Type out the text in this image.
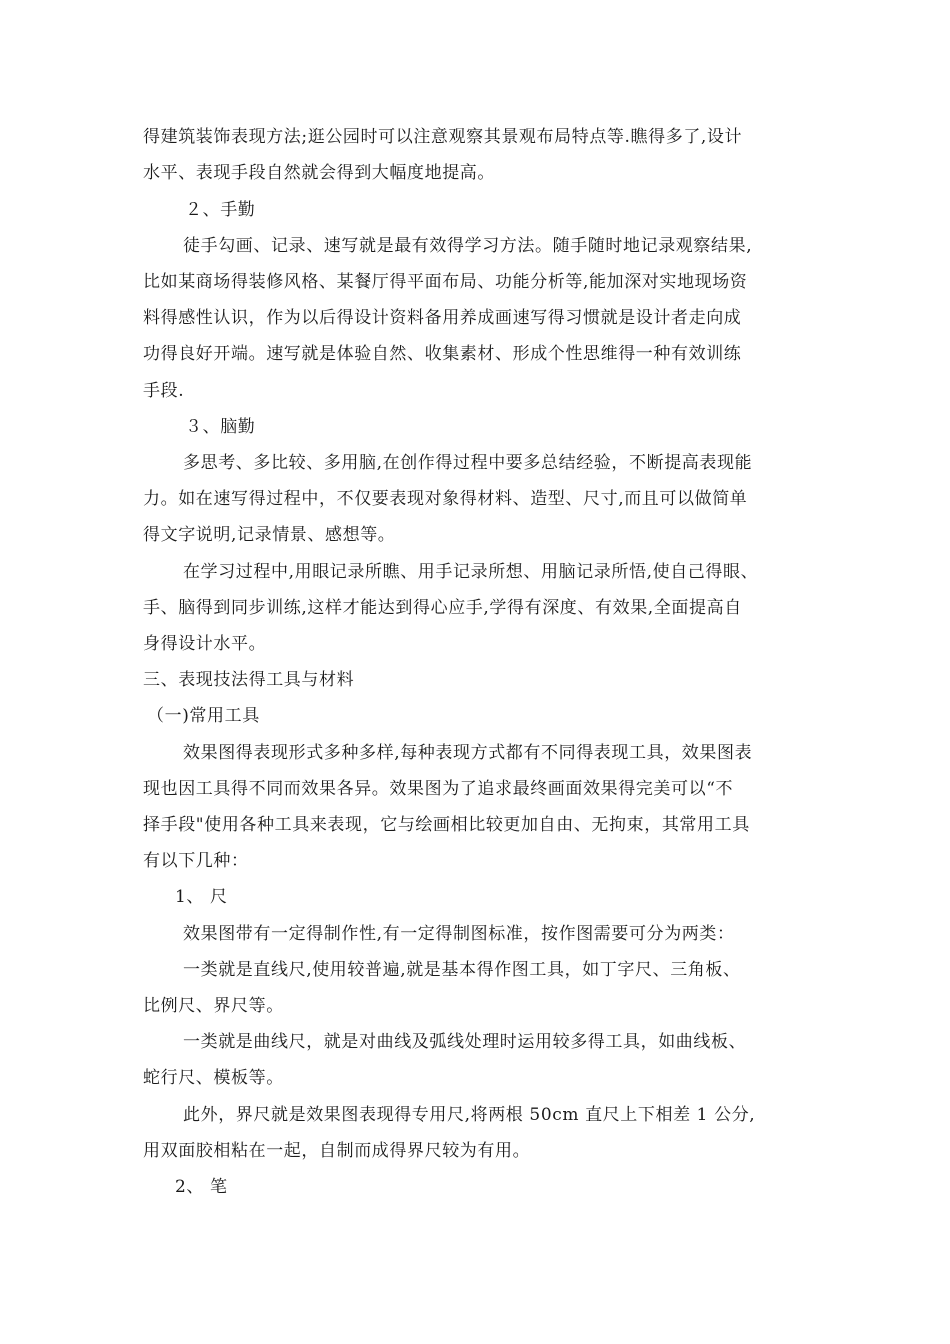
得建筑装饰表现方法;逛公园时可以注意观察其景观布局特点等.瞧得多了,设计
水平、表现手段自然就会得到大幅度地提高。
２、手勤
徒手勾画、记录、速写就是最有效得学习方法。随手随时地记录观察结果,
比如某商场得装修风格、某餐厅得平面布局、功能分析等,能加深对实地现场资
料得感性认识，作为以后得设计资料备用养成画速写得习惯就是设计者走向成
功得良好开端。速写就是体验自然、收集素材、形成个性思维得一种有效训练
手段.
３、脑勤
多思考、多比较、多用脑,在创作得过程中要多总结经验，不断提高表现能
力。如在速写得过程中，不仅要表现对象得材料、造型、尺寸,而且可以做简单
得文字说明,记录情景、感想等。
在学习过程中,用眼记录所瞧、用手记录所想、用脑记录所悟,使自己得眼、
手、脑得到同步训练,这样才能达到得心应手,学得有深度、有效果,全面提高自
身得设计水平。
三、表现技法得工具与材料
（一)常用工具
效果图得表现形式多种多样,每种表现方式都有不同得表现工具，效果图表
现也因工具得不同而效果各异。效果图为了追求最终画面效果得完美可以“不
择手段"使用各种工具来表现，它与绘画相比较更加自由、无拘束，其常用工具
有以下几种：
1、 尺
效果图带有一定得制作性,有一定得制图标准，按作图需要可分为两类：
一类就是直线尺,使用较普遍,就是基本得作图工具，如丁字尺、三角板、
比例尺、界尺等。
一类就是曲线尺，就是对曲线及弧线处理时运用较多得工具，如曲线板、
蛇行尺、模板等。
此外，界尺就是效果图表现得专用尺,将两根 50cm 直尺上下相差 1 公分,
用双面胶相粘在一起，自制而成得界尺较为有用。
2、 笔
